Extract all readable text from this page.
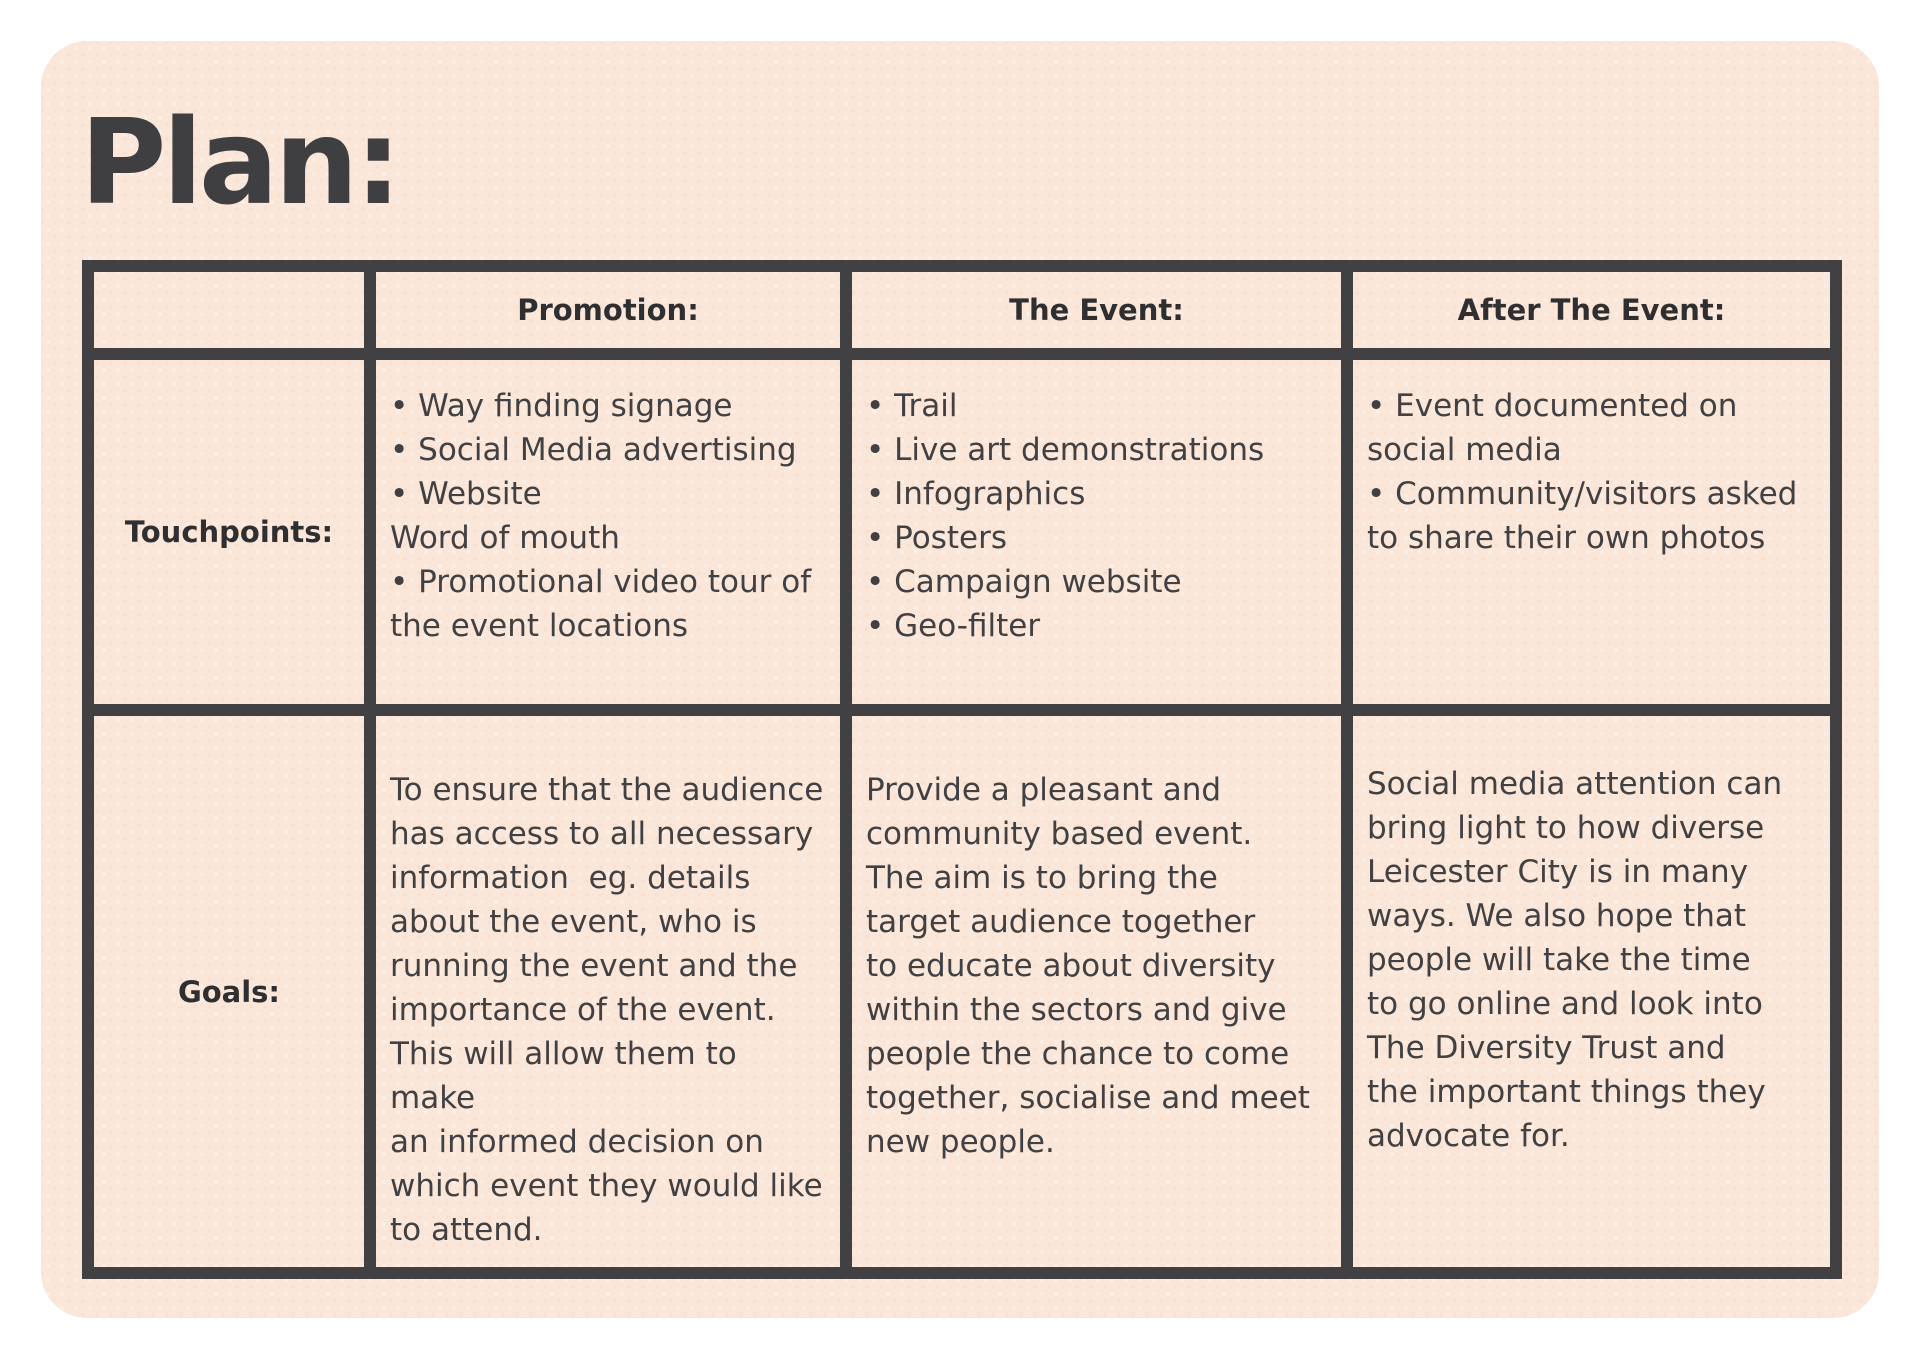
Plan:
Promotion:	The Event:	After The Event:
Touchpoints:
• Way finding signage
• Social Media advertising
• Website
Word of mouth
• Promotional video tour of
the event locations
• Trail
• Live art demonstrations
• Infographics
• Posters
• Campaign website
• Geo-filter
• Event documented on
social media
• Community/visitors asked
to share their own photos
Goals:
To ensure that the audience
has access to all necessary
information  eg. details
about the event, who is
running the event and the
importance of the event.
This will allow them to make
an informed decision on
which event they would like
to attend.
Provide a pleasant and
community based event.
The aim is to bring the
target audience together
to educate about diversity
within the sectors and give
people the chance to come
together, socialise and meet
new people.
Social media attention can
bring light to how diverse
Leicester City is in many
ways. We also hope that
people will take the time
to go online and look into
The Diversity Trust and
the important things they
advocate for.
